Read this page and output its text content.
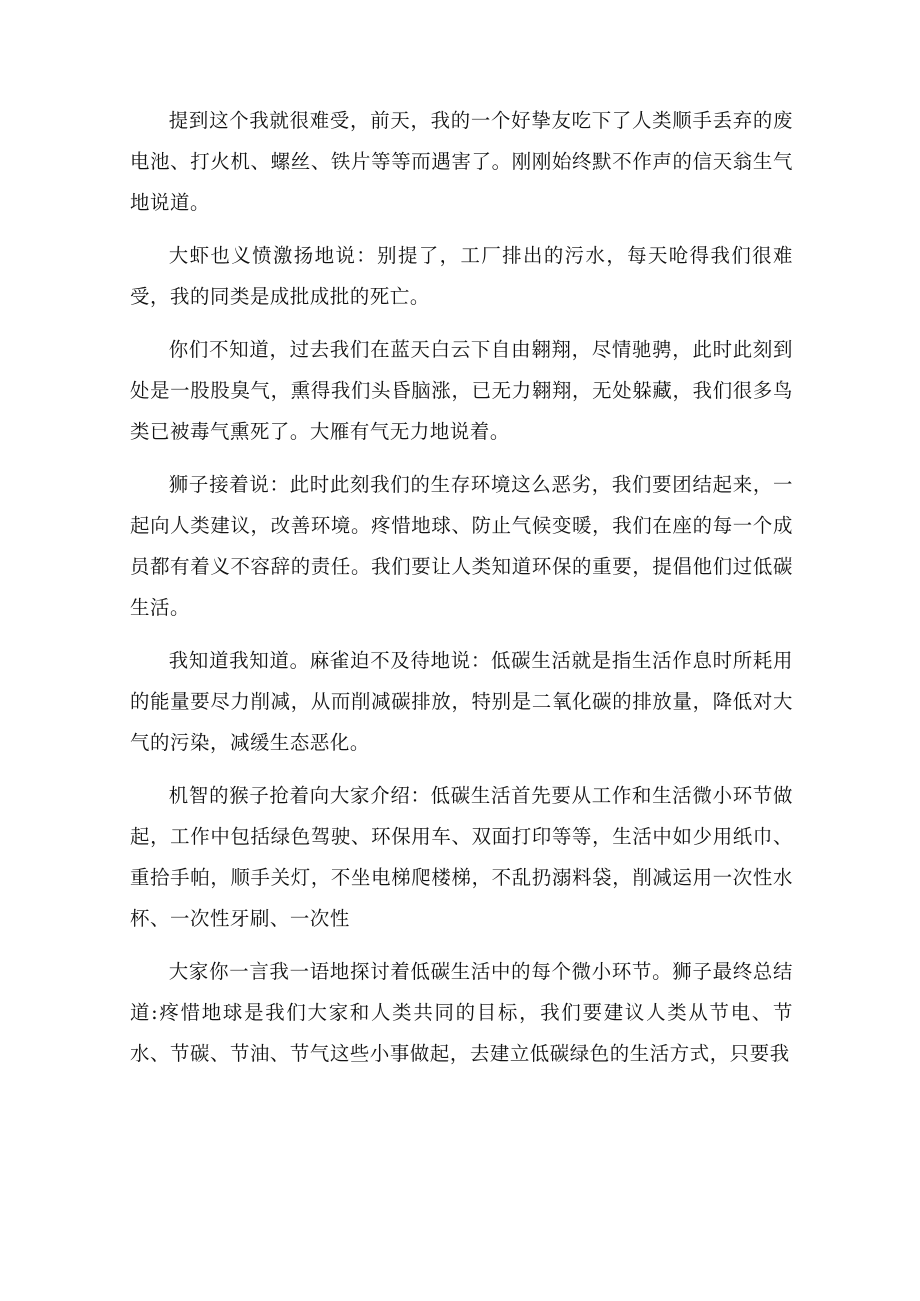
提到这个我就很难受，前天，我的一个好挚友吃下了人类顺手丢弃的废电池、打火机、螺丝、铁片等等而遇害了。刚刚始终默不作声的信天翁生气地说道。

大虾也义愤激扬地说：别提了，工厂排出的污水，每天呛得我们很难受，我的同类是成批成批的死亡。

你们不知道，过去我们在蓝天白云下自由翱翔，尽情驰骋，此时此刻到处是一股股臭气，熏得我们头昏脑涨，已无力翱翔，无处躲藏，我们很多鸟类已被毒气熏死了。大雁有气无力地说着。

狮子接着说：此时此刻我们的生存环境这么恶劣，我们要团结起来，一起向人类建议，改善环境。疼惜地球、防止气候变暖，我们在座的每一个成员都有着义不容辞的责任。我们要让人类知道环保的重要，提倡他们过低碳生活。

我知道我知道。麻雀迫不及待地说：低碳生活就是指生活作息时所耗用的能量要尽力削减，从而削减碳排放，特别是二氧化碳的排放量，降低对大气的污染，减缓生态恶化。

机智的猴子抢着向大家介绍：低碳生活首先要从工作和生活微小环节做起，工作中包括绿色驾驶、环保用车、双面打印等等，生活中如少用纸巾、重拾手帕，顺手关灯，不坐电梯爬楼梯，不乱扔溺料袋，削减运用一次性水杯、一次性牙刷、一次性

大家你一言我一语地探讨着低碳生活中的每个微小环节。狮子最终总结道:疼惜地球是我们大家和人类共同的目标，我们要建议人类从节电、节水、节碳、节油、节气这些小事做起，去建立低碳绿色的生活方式，只要我
